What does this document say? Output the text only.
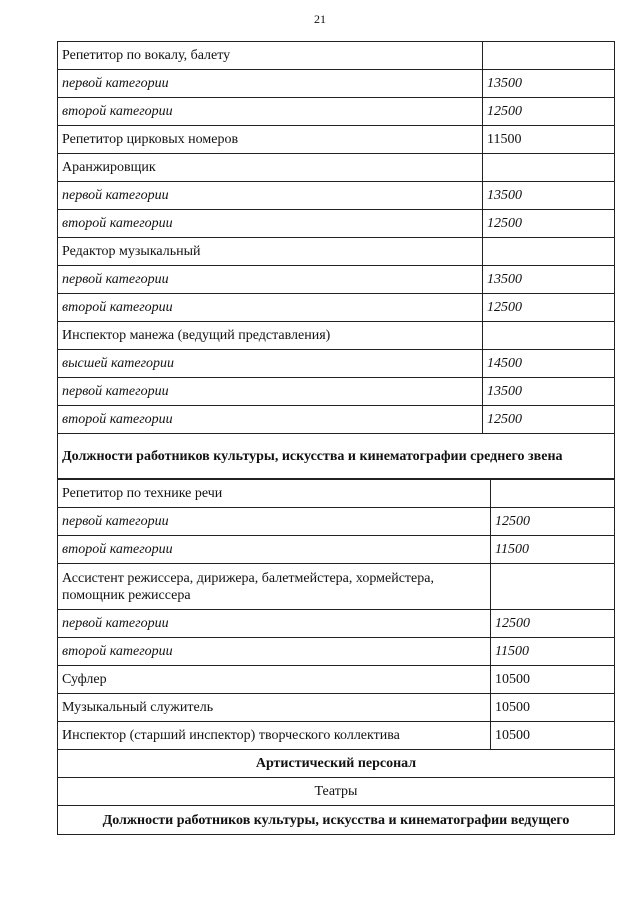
21
Репетитор по вокалу, балету	
первой категории	13500
второй категории	12500
Репетитор цирковых номеров	11500
Аранжировщик	
первой категории	13500
второй категории	12500
Редактор музыкальный	
первой категории	13500
второй категории	12500
Инспектор манежа (ведущий представления)	
высшей категории	14500
первой категории	13500
второй категории	12500
Должности работников культуры, искусства и кинематографии среднего звена	
Репетитор по технике речи	
первой категории	12500
второй категории	11500
Ассистент режиссера, дирижера, балетмейстера, хормейстера, помощник режиссера	
первой категории	12500
второй категории	11500
Суфлер	10500
Музыкальный служитель	10500
Инспектор (старший инспектор) творческого коллектива	10500
Артистический персонал	
Театры	
Должности работников культуры, искусства и кинематографии ведущего	
